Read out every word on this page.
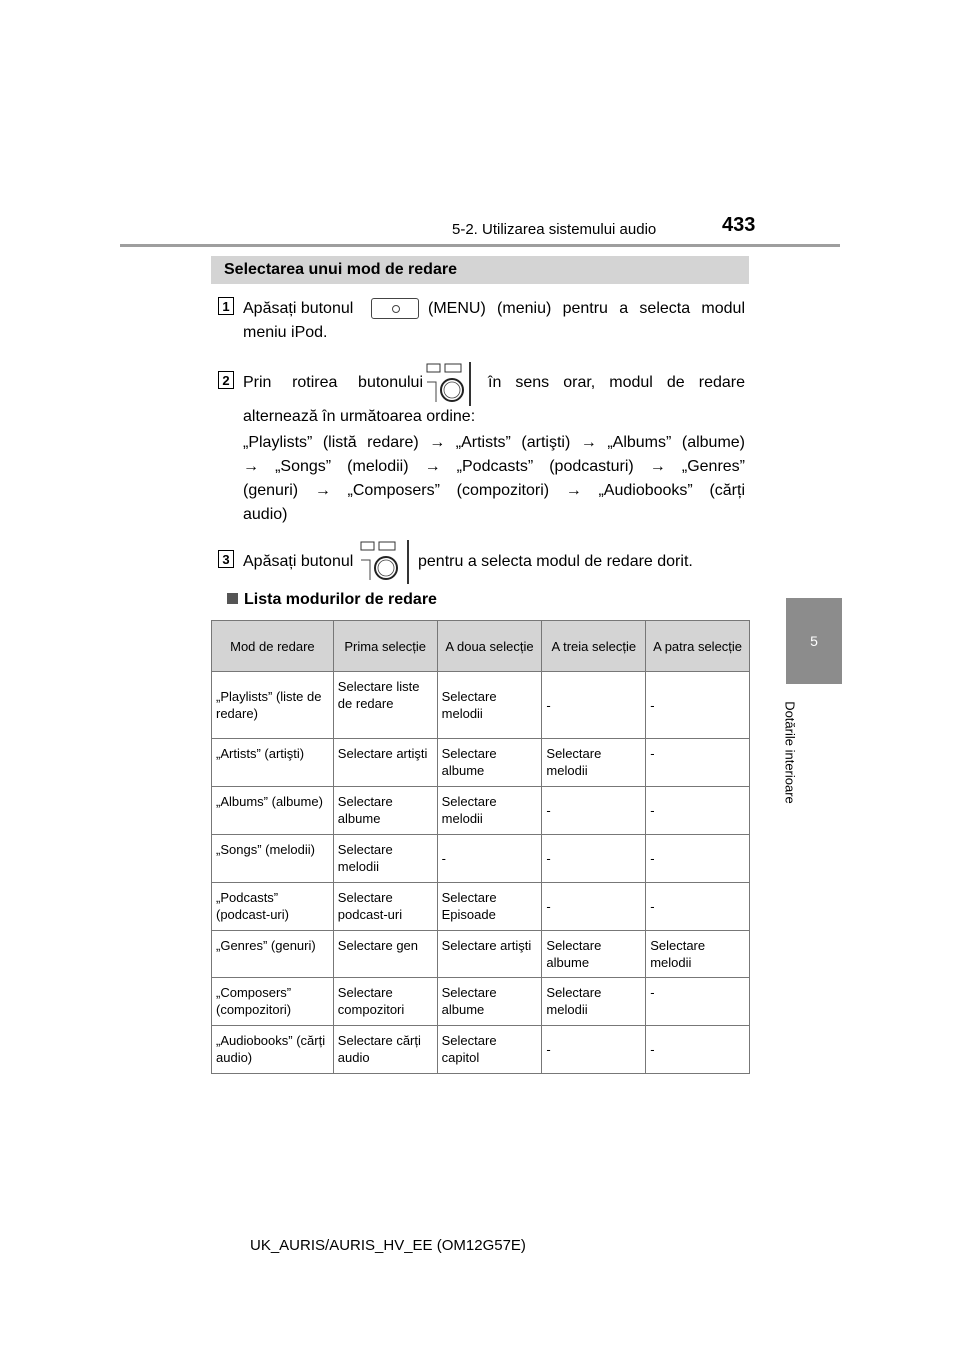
5-2. Utilizarea sistemului audio	433
5
Dotările interioare
Selectarea unui mod de redare
1 Apăsați butonul	(MENU) (meniu) pentru a selecta modul
meniu iPod.
2 Prin rotirea butonului	în sens orar, modul de redare
alternează în următoarea ordine:
„Playlists” (listă redare) → „Artists” (artişti) → „Albums” (albume)
→ „Songs” (melodii) → „Podcasts” (podcasturi) → „Genres”
(genuri) → „Composers” (compozitori) → „Audiobooks” (cărți
audio)
3 Apăsați butonul	pentru a selecta modul de redare dorit.
Lista modurilor de redare
Mod de redare	Prima selecție	A doua selecție	A treia selecție	A patra selecție
„Playlists” (liste de redare)	Selectare liste de redare	Selectare melodii	-	-
„Artists” (artişti)	Selectare artişti	Selectare albume	Selectare melodii	-
„Albums” (albume)	Selectare albume	Selectare melodii	-	-
„Songs” (melodii)	Selectare melodii	-	-	-
„Podcasts” (podcast-uri)	Selectare podcast-uri	Selectare Episoade	-	-
„Genres” (genuri)	Selectare gen	Selectare artişti	Selectare albume	Selectare melodii
„Composers” (compozitori)	Selectare compozitori	Selectare albume	Selectare melodii	-
„Audiobooks” (cărți audio)	Selectare cărți audio	Selectare capitol	-	-
UK_AURIS/AURIS_HV_EE (OM12G57E)
